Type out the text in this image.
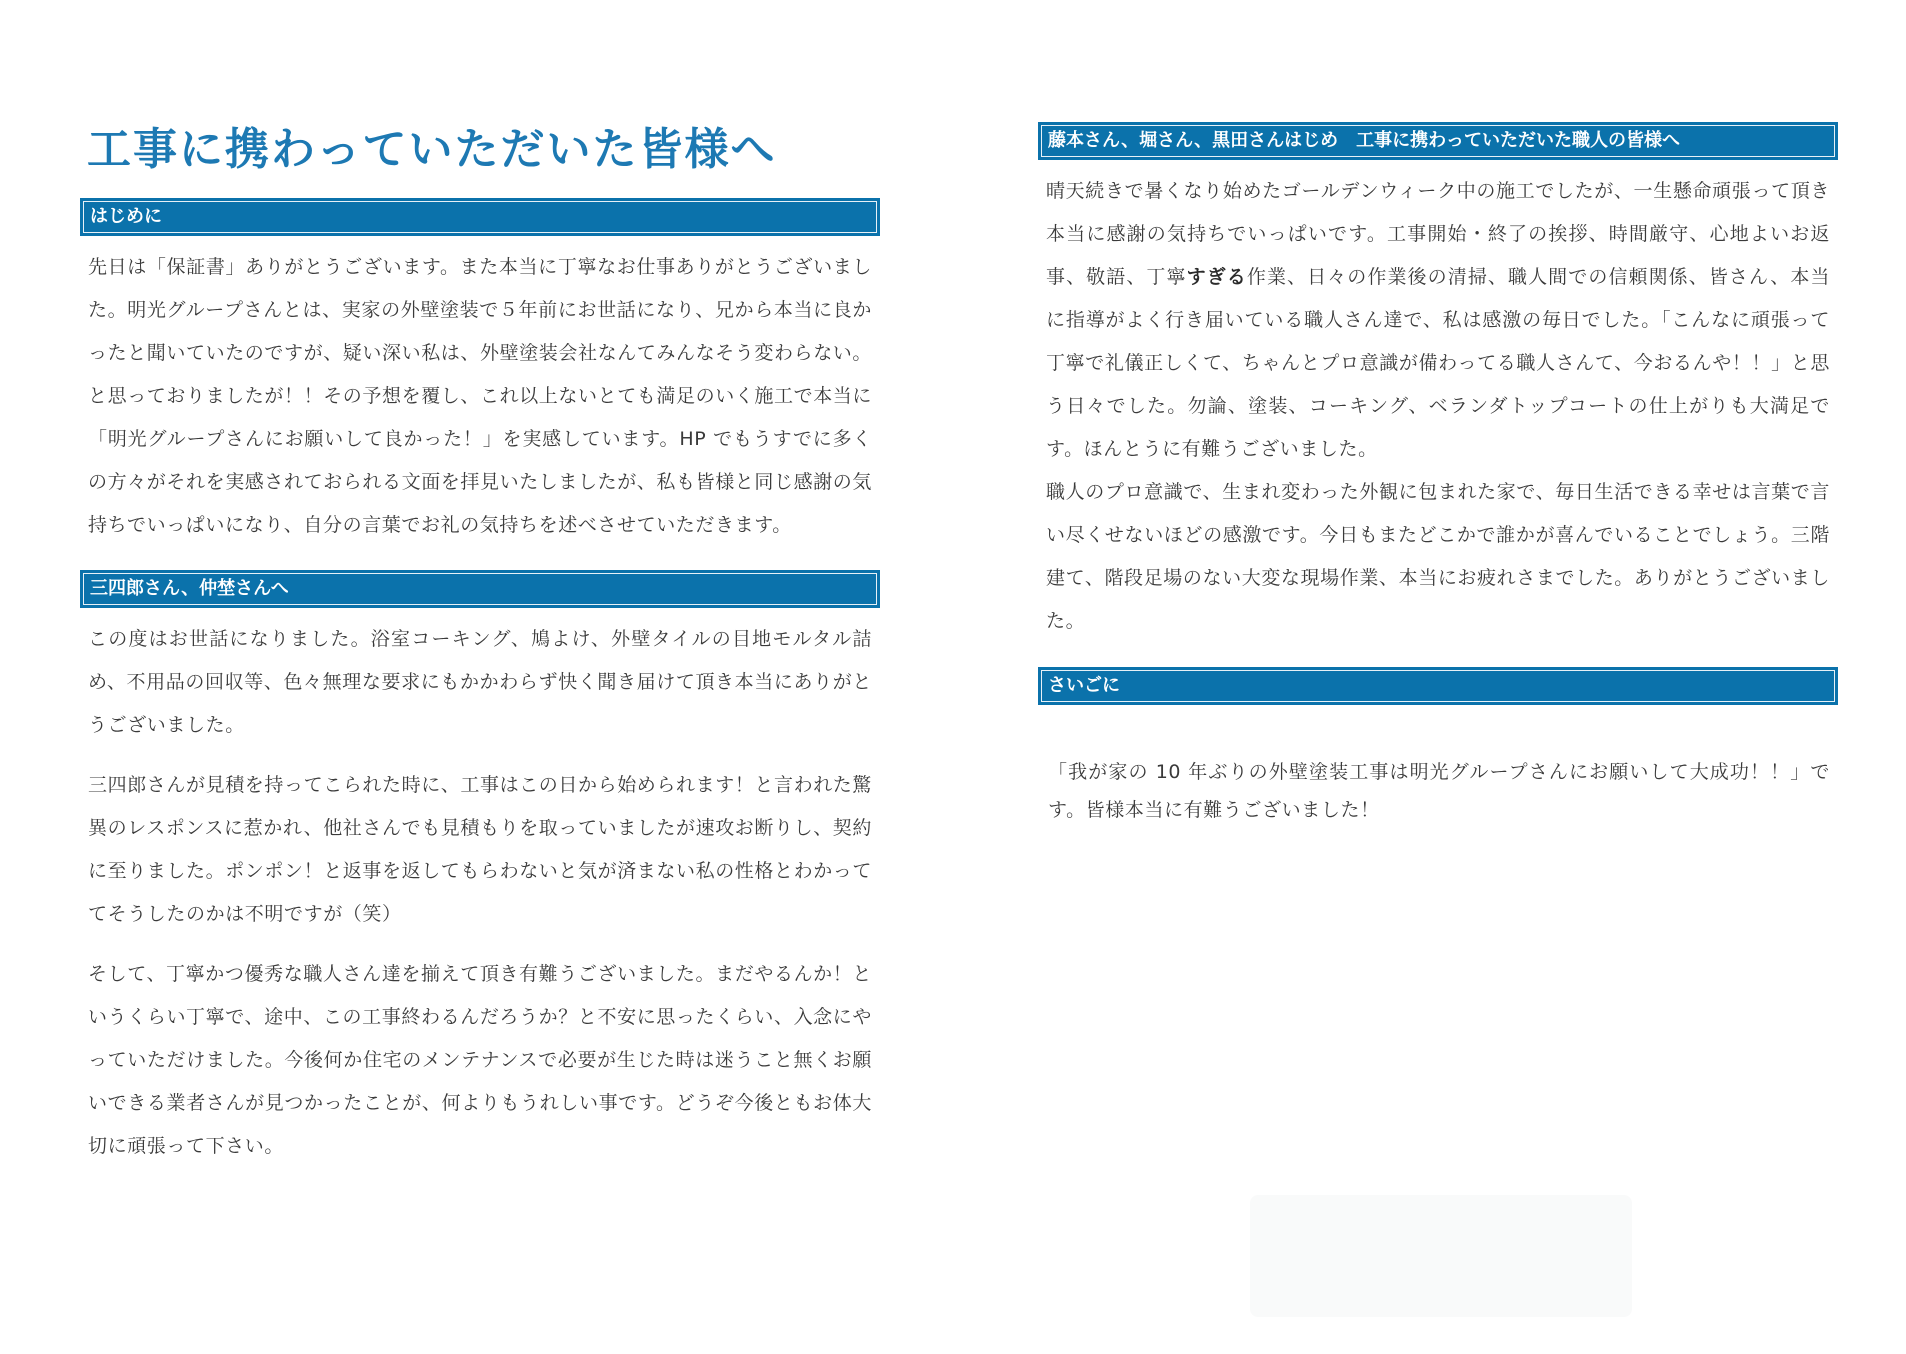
工事に携わっていただいた皆様へ
はじめに

先日は「保証書」ありがとうございます。また本当に丁寧なお仕事ありがとうございました。明光グループさんとは、実家の外壁塗装で５年前にお世話になり、兄から本当に良かったと聞いていたのですが、疑い深い私は、外壁塗装会社なんてみんなそう変わらない。と思っておりましたが！！その予想を覆し、これ以上ないとても満足のいく施工で本当に「明光グループさんにお願いして良かった！」を実感しています。HP でもうすでに多くの方々がそれを実感されておられる文面を拝見いたしましたが、私も皆様と同じ感謝の気持ちでいっぱいになり、自分の言葉でお礼の気持ちを述べさせていただきます。

三四郎さん、仲埜さんへ

この度はお世話になりました。浴室コーキング、鳩よけ、外壁タイルの目地モルタル詰め、不用品の回収等、色々無理な要求にもかかわらず快く聞き届けて頂き本当にありがとうございました。

三四郎さんが見積を持ってこられた時に、工事はこの日から始められます！と言われた驚異のレスポンスに惹かれ、他社さんでも見積もりを取っていましたが速攻お断りし、契約に至りました。ポンポン！と返事を返してもらわないと気が済まない私の性格とわかっててそうしたのかは不明ですが（笑）

そして、丁寧かつ優秀な職人さん達を揃えて頂き有難うございました。まだやるんか！というくらい丁寧で、途中、この工事終わるんだろうか？と不安に思ったくらい、入念にやっていただけました。今後何か住宅のメンテナンスで必要が生じた時は迷うこと無くお願いできる業者さんが見つかったことが、何よりもうれしい事です。どうぞ今後ともお体大切に頑張って下さい。

藤本さん、堀さん、黒田さんはじめ　工事に携わっていただいた職人の皆様へ

晴天続きで暑くなり始めたゴールデンウィーク中の施工でしたが、一生懸命頑張って頂き本当に感謝の気持ちでいっぱいです。工事開始・終了の挨拶、時間厳守、心地よいお返事、敬語、丁寧すぎる作業、日々の作業後の清掃、職人間での信頼関係、皆さん、本当に指導がよく行き届いている職人さん達で、私は感激の毎日でした。「こんなに頑張って丁寧で礼儀正しくて、ちゃんとプロ意識が備わってる職人さんて、今おるんや！！」と思う日々でした。勿論、塗装、コーキング、ベランダトップコートの仕上がりも大満足です。ほんとうに有難うございました。

職人のプロ意識で、生まれ変わった外観に包まれた家で、毎日生活できる幸せは言葉で言い尽くせないほどの感激です。今日もまたどこかで誰かが喜んでいることでしょう。三階建て、階段足場のない大変な現場作業、本当にお疲れさまでした。ありがとうございました。

さいごに

「我が家の 10 年ぶりの外壁塗装工事は明光グループさんにお願いして大成功！！」です。皆様本当に有難うございました！
